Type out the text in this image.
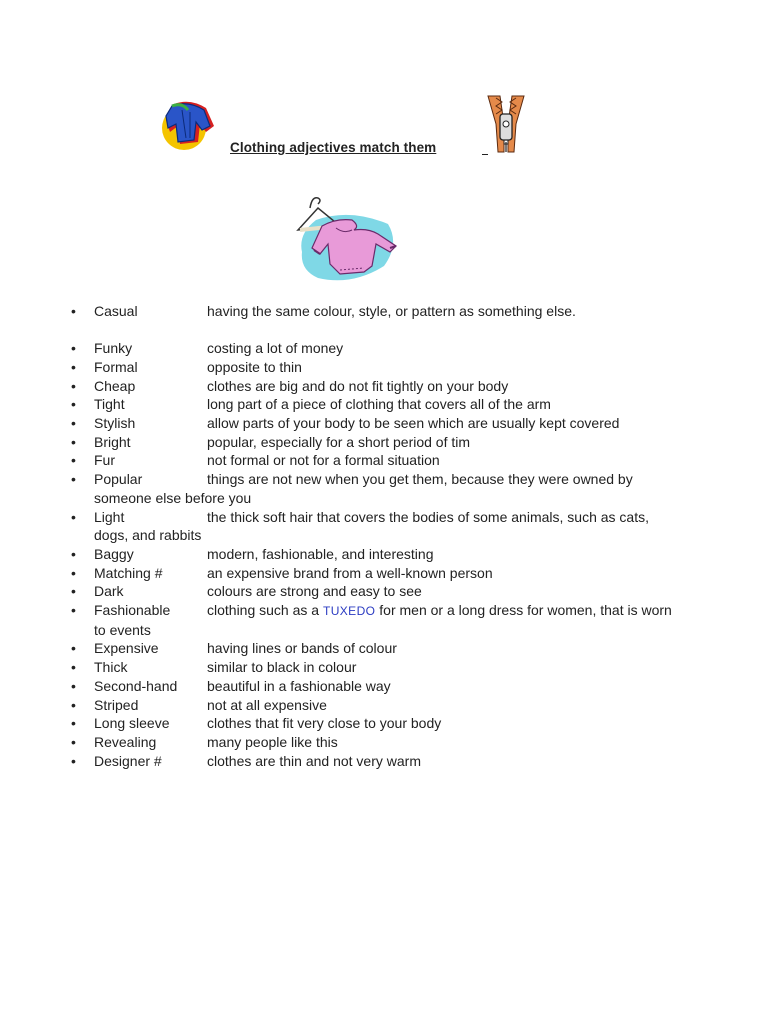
Clothing adjectives match them
• Casual	having the same colour, style, or pattern as something else.
• Funky	costing a lot of money
• Formal	opposite to thin
• Cheap	clothes are big and do not fit tightly on your body
• Tight	long part of a piece of clothing that covers all of the arm
• Stylish	allow parts of your body to be seen which are usually kept covered
• Bright	popular, especially for a short period of tim
• Fur	not formal or not for a formal situation
• Popular	things are not new when you get them, because they were owned by
someone else before you
• Light	the thick soft hair that covers the bodies of some animals, such as cats,
dogs, and rabbits
• Baggy	modern, fashionable, and interesting
• Matching #	an expensive brand from a well-known person
• Dark	colours are strong and easy to see
• Fashionable	clothing such as a TUXEDO for men or a long dress for women, that is worn
to events
• Expensive	having lines or bands of colour
• Thick	similar to black in colour
• Second-hand beautiful in a fashionable way
• Striped	not at all expensive
• Long sleeve	clothes that fit very close to your body
• Revealing	many people like this
• Designer #	clothes are thin and not very warm
